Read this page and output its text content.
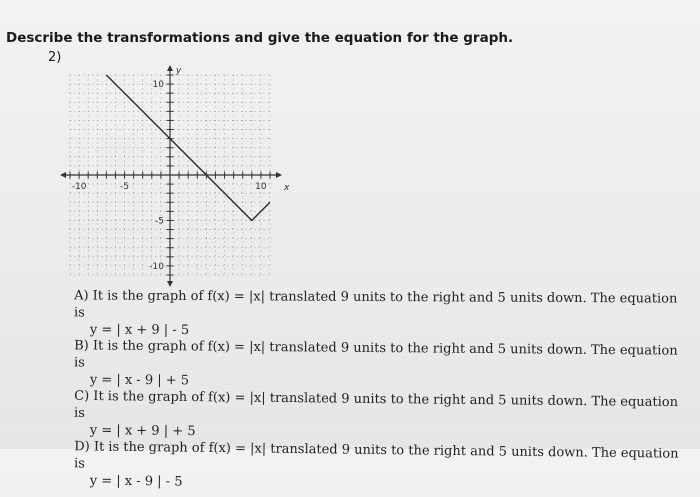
Describe the transformations and give the equation for the graph.

2)
-10	-5	10
10
-5
-10
x
y
A) It is the graph of f(x) = |x| translated 9 units to the right and 5 units down. The equation is
y = | x + 9 | - 5
B) It is the graph of f(x) = |x| translated 9 units to the right and 5 units down. The equation is
y = | x - 9 | + 5
C) It is the graph of f(x) = |x| translated 9 units to the right and 5 units down. The equation is
y = | x + 9 | + 5
D) It is the graph of f(x) = |x| translated 9 units to the right and 5 units down. The equation is
y = | x - 9 | - 5
